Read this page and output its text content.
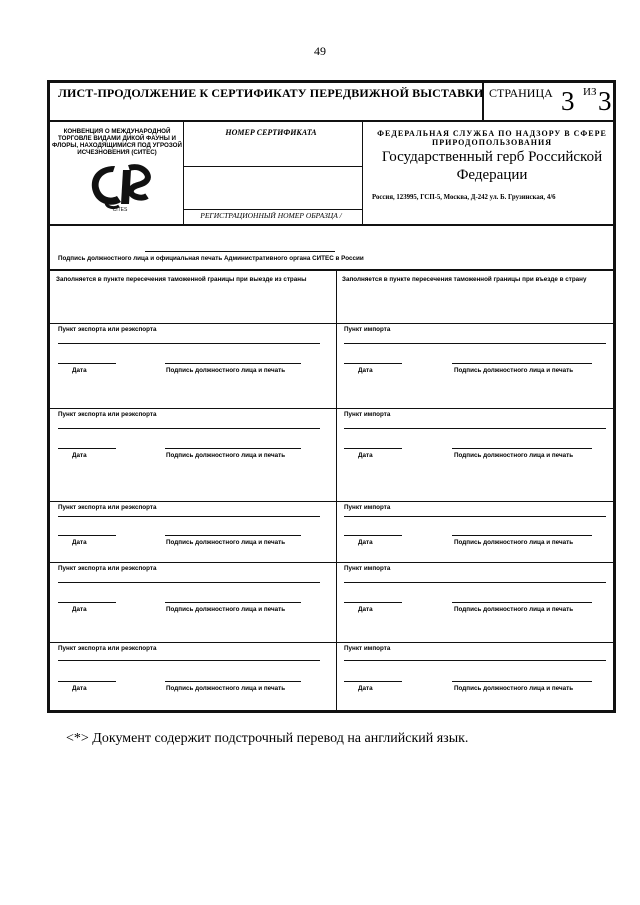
49
ЛИСТ-ПРОДОЛЖЕНИЕ К СЕРТИФИКАТУ ПЕРЕДВИЖНОЙ ВЫСТАВКИ СТРАНИЦА 3 ИЗ 3
КОНВЕНЦИЯ О МЕЖДУНАРОДНОЙ ТОРГОВЛЕ ВИДАМИ ДИКОЙ ФАУНЫ И ФЛОРЫ, НАХОДЯЩИМИСЯ ПОД УГРОЗОЙ ИСЧЕЗНОВЕНИЯ (СИТЕС)
CITES
НОМЕР СЕРТИФИКАТА
РЕГИСТРАЦИОННЫЙ НОМЕР ОБРАЗЦА /
ФЕДЕРАЛЬНАЯ СЛУЖБА ПО НАДЗОРУ В СФЕРЕ ПРИРОДОПОЛЬЗОВАНИЯ
Государственный герб Российской Федерации
Россия, 123995, ГСП-5, Москва, Д-242 ул. Б. Грузинская, 4/6
Подпись должностного лица и официальная печать Административного органа СИТЕС в России
Заполняется в пункте пересечения таможенной границы при выезде из страны	Заполняется в пункте пересечения таможенной границы при въезде в страну
Пункт экспорта или реэкспорта
Дата	Подпись должностного лица и печать
Пункт импорта
Дата	Подпись должностного лица и печать
Пункт экспорта или реэкспорта
Дата	Подпись должностного лица и печать
Пункт импорта
Дата	Подпись должностного лица и печать
Пункт экспорта или реэкспорта
Дата	Подпись должностного лица и печать
Пункт импорта
Дата	Подпись должностного лица и печать
Пункт экспорта или реэкспорта
Дата	Подпись должностного лица и печать
Пункт импорта
Дата	Подпись должностного лица и печать
Пункт экспорта или реэкспорта
Дата	Подпись должностного лица и печать
Пункт импорта
Дата	Подпись должностного лица и печать
<*> Документ содержит подстрочный перевод на английский язык.
